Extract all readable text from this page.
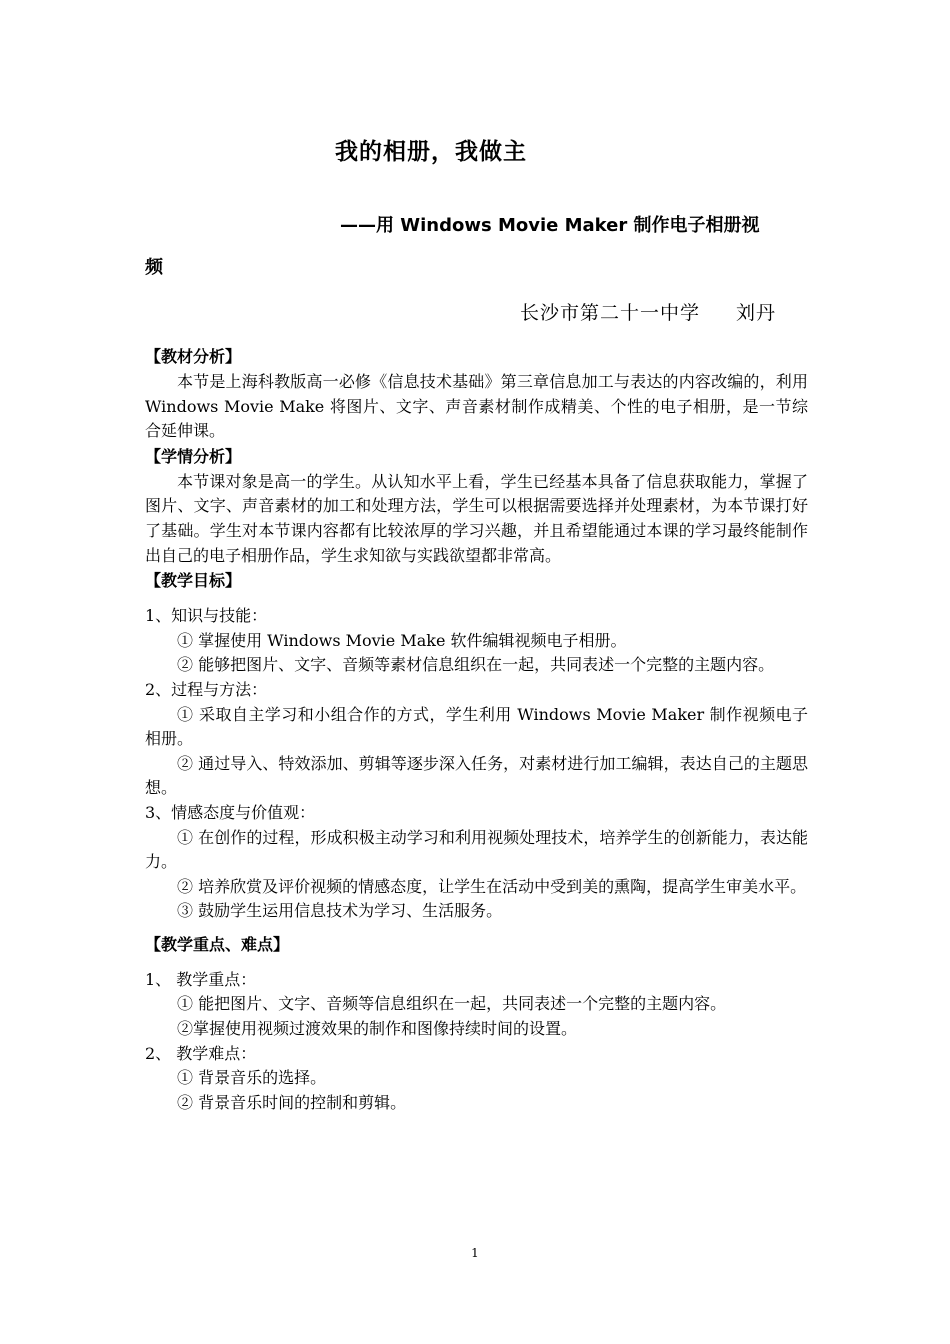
我的相册，我做主
——用 Windows Movie Maker 制作电子相册视
频
长沙市第二十一中学 刘丹
【教材分析】

本节是上海科教版高一必修《信息技术基础》第三章信息加工与表达的内容改编的，利用 Windows Movie Make 将图片、文字、声音素材制作成精美、个性的电子相册，是一节综合延伸课。

【学情分析】

本节课对象是高一的学生。从认知水平上看，学生已经基本具备了信息获取能力，掌握了图片、文字、声音素材的加工和处理方法，学生可以根据需要选择并处理素材，为本节课打好了基础。学生对本节课内容都有比较浓厚的学习兴趣，并且希望能通过本课的学习最终能制作出自己的电子相册作品，学生求知欲与实践欲望都非常高。

【教学目标】

1、知识与技能：

① 掌握使用 Windows Movie Make 软件编辑视频电子相册。

② 能够把图片、文字、音频等素材信息组织在一起，共同表述一个完整的主题内容。

2、过程与方法：

① 采取自主学习和小组合作的方式，学生利用 Windows Movie Maker 制作视频电子相册。

② 通过导入、特效添加、剪辑等逐步深入任务，对素材进行加工编辑，表达自己的主题思想。

3、情感态度与价值观：

① 在创作的过程，形成积极主动学习和利用视频处理技术，培养学生的创新能力，表达能力。

② 培养欣赏及评价视频的情感态度，让学生在活动中受到美的熏陶，提高学生审美水平。

③ 鼓励学生运用信息技术为学习、生活服务。

【教学重点、难点】

1、 教学重点：

① 能把图片、文字、音频等信息组织在一起，共同表述一个完整的主题内容。

②掌握使用视频过渡效果的制作和图像持续时间的设置。

2、 教学难点：

① 背景音乐的选择。

② 背景音乐时间的控制和剪辑。

1
